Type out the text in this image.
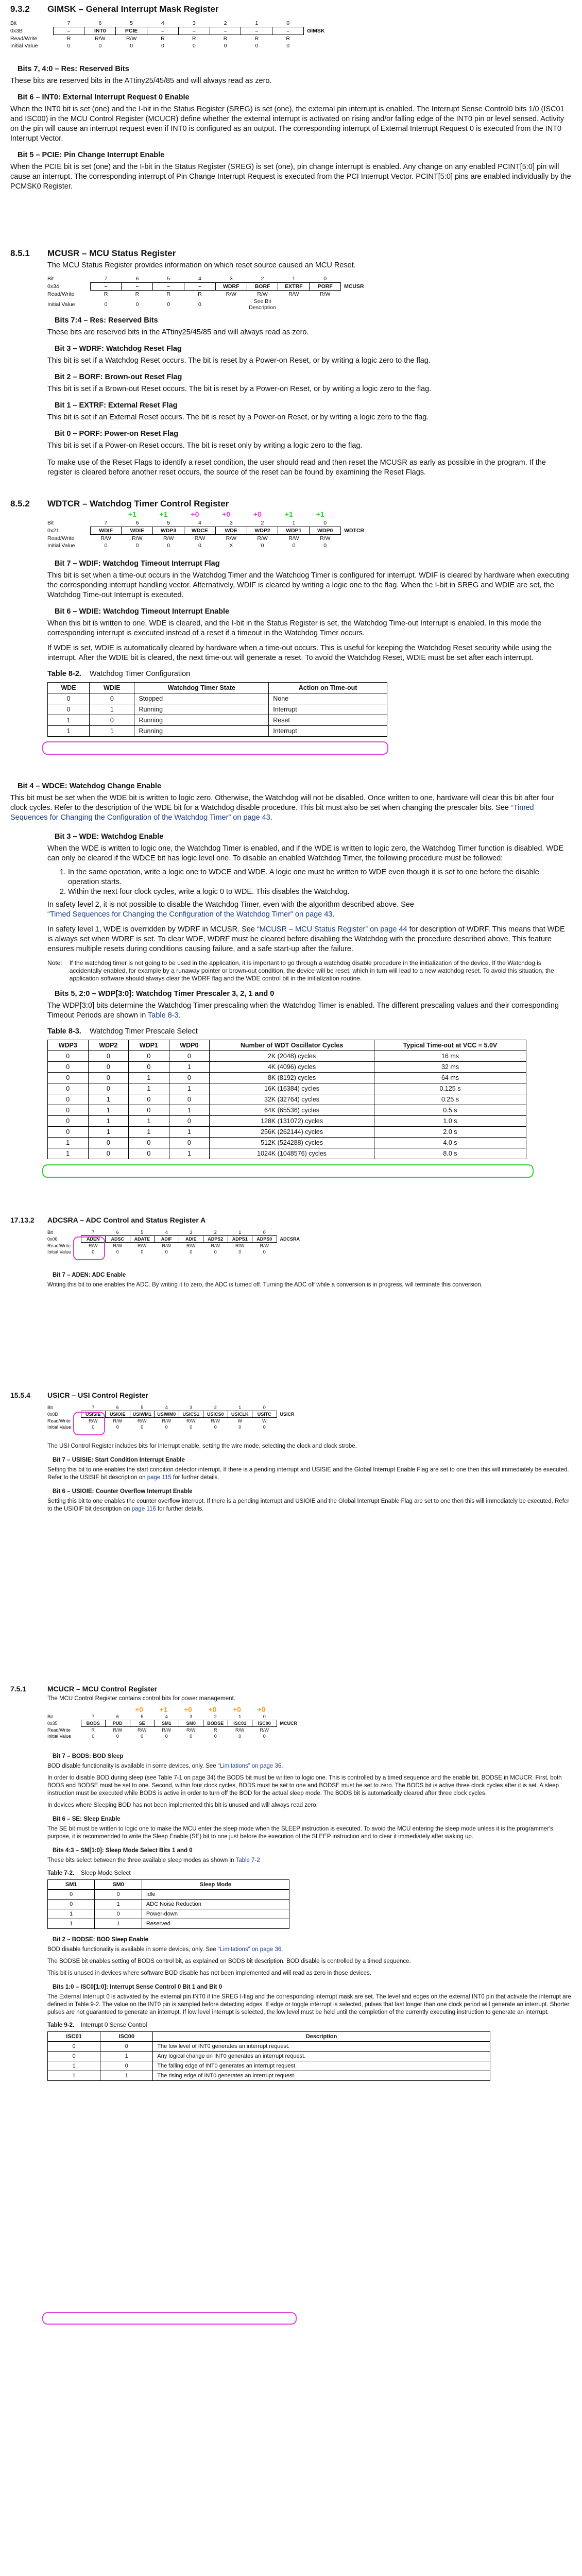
9.3.2 GIMSK – General Interrupt Mask Register
Bit	7	6	5	4	3	2	1	0	
0x3B	–	INT0	PCIE	–	–	–	–	–	GIMSK
Read/Write	R	R/W	R/W	R	R	R	R	R	
Initial Value	0	0	0	0	0	0	0	0	

Bits 7, 4:0 – Res: Reserved Bits

These bits are reserved bits in the ATtiny25/45/85 and will always read as zero.

Bit 6 – INT0: External Interrupt Request 0 Enable

When the INT0 bit is set (one) and the I-bit in the Status Register (SREG) is set (one), the external pin interrupt is enabled. The Interrupt Sense Control0 bits 1/0 (ISC01 and ISC00) in the MCU Control Register (MCUCR) define whether the external interrupt is activated on rising and/or falling edge of the INT0 pin or level sensed. Activity on the pin will cause an interrupt request even if INT0 is configured as an output. The corresponding interrupt of External Interrupt Request 0 is executed from the INT0 Interrupt Vector.

Bit 5 – PCIE: Pin Change Interrupt Enable

When the PCIE bit is set (one) and the I-bit in the Status Register (SREG) is set (one), pin change interrupt is enabled. Any change on any enabled PCINT[5:0] pin will cause an interrupt. The corresponding interrupt of Pin Change Interrupt Request is executed from the PCI Interrupt Vector. PCINT[5:0] pins are enabled individually by the PCMSK0 Register.

8.5.1 MCUSR – MCU Status Register

The MCU Status Register provides information on which reset source caused an MCU Reset.

Bit	7	6	5	4	3	2	1	0	
0x34	–	–	–	–	WDRF	BORF	EXTRF	PORF	MCUSR
Read/Write	R	R	R	R	R/W	R/W	R/W	R/W	
Initial Value	0	0	0	0		See Bit Description			

Bits 7:4 – Res: Reserved Bits

These bits are reserved bits in the ATtiny25/45/85 and will always read as zero.

Bit 3 – WDRF: Watchdog Reset Flag

This bit is set if a Watchdog Reset occurs. The bit is reset by a Power-on Reset, or by writing a logic zero to the flag.

Bit 2 – BORF: Brown-out Reset Flag

This bit is set if a Brown-out Reset occurs. The bit is reset by a Power-on Reset, or by writing a logic zero to the flag.

Bit 1 – EXTRF: External Reset Flag

This bit is set if an External Reset occurs. The bit is reset by a Power-on Reset, or by writing a logic zero to the flag.

Bit 0 – PORF: Power-on Reset Flag

This bit is set if a Power-on Reset occurs. The bit is reset only by writing a logic zero to the flag.

To make use of the Reset Flags to identify a reset condition, the user should read and then reset the MCUSR as early as possible in the program. If the register is cleared before another reset occurs, the source of the reset can be found by examining the Reset Flags.

8.5.2 WDTCR – Watchdog Timer Control Register
+1	+1	+0	+0	+0	+1	+1
Bit	7	6	5	4	3	2	1	0	
0x21	WDIF	WDIE	WDP3	WDCE	WDE	WDP2	WDP1	WDP0	WDTCR
Read/Write	R/W	R/W	R/W	R/W	R/W	R/W	R/W	R/W	
Initial Value	0	0	0	0	X	0	0	0	

Bit 7 – WDIF: Watchdog Timeout Interrupt Flag

This bit is set when a time-out occurs in the Watchdog Timer and the Watchdog Timer is configured for interrupt. WDIF is cleared by hardware when executing the corresponding interrupt handling vector. Alternatively, WDIF is cleared by writing a logic one to the flag. When the I-bit in SREG and WDIE are set, the Watchdog Time-out Interrupt is executed.

Bit 6 – WDIE: Watchdog Timeout Interrupt Enable

When this bit is written to one, WDE is cleared, and the I-bit in the Status Register is set, the Watchdog Time-out Interrupt is enabled. In this mode the corresponding interrupt is executed instead of a reset if a timeout in the Watchdog Timer occurs.

If WDE is set, WDIE is automatically cleared by hardware when a time-out occurs. This is useful for keeping the Watchdog Reset security while using the interrupt. After the WDIE bit is cleared, the next time-out will generate a reset. To avoid the Watchdog Reset, WDIE must be set after each interrupt.

Table 8-2. Watchdog Timer Configuration

WDE	WDIE	Watchdog Timer State	Action on Time-out
0	0	Stopped	None
0	1	Running	Interrupt
1	0	Running	Reset
1	1	Running	Interrupt

Bit 4 – WDCE: Watchdog Change Enable

This bit must be set when the WDE bit is written to logic zero. Otherwise, the Watchdog will not be disabled. Once written to one, hardware will clear this bit after four clock cycles. Refer to the description of the WDE bit for a Watchdog disable procedure. This bit must also be set when changing the prescaler bits. See “Timed Sequences for Changing the Configuration of the Watchdog Timer” on page 43.

Bit 3 – WDE: Watchdog Enable

When the WDE is written to logic one, the Watchdog Timer is enabled, and if the WDE is written to logic zero, the Watchdog Timer function is disabled. WDE can only be cleared if the WDCE bit has logic level one. To disable an enabled Watchdog Timer, the following procedure must be followed:

1. In the same operation, write a logic one to WDCE and WDE. A logic one must be written to WDE even though it is set to one before the disable operation starts.
2. Within the next four clock cycles, write a logic 0 to WDE. This disables the Watchdog.

In safety level 2, it is not possible to disable the Watchdog Timer, even with the algorithm described above. See
“Timed Sequences for Changing the Configuration of the Watchdog Timer” on page 43.

In safety level 1, WDE is overridden by WDRF in MCUSR. See “MCUSR – MCU Status Register” on page 44 for description of WDRF. This means that WDE is always set when WDRF is set. To clear WDE, WDRF must be cleared before disabling the Watchdog with the procedure described above. This feature ensures multiple resets during conditions causing failure, and a safe start-up after the failure.

Note: If the watchdog timer is not going to be used in the application, it is important to go through a watchdog disable procedure in the initialization of the device. If the Watchdog is accidentally enabled, for example by a runaway pointer or brown-out condition, the device will be reset, which in turn will lead to a new watchdog reset. To avoid this situation, the application software should always clear the WDRF flag and the WDE control bit in the initialization routine.

Bits 5, 2:0 – WDP[3:0]: Watchdog Timer Prescaler 3, 2, 1 and 0

The WDP[3:0] bits determine the Watchdog Timer prescaling when the Watchdog Timer is enabled. The different prescaling values and their corresponding Timeout Periods are shown in Table 8-3.

Table 8-3. Watchdog Timer Prescale Select

WDP3	WDP2	WDP1	WDP0	Number of WDT Oscillator Cycles	Typical Time-out at VCC = 5.0V
0	0	0	0	2K (2048) cycles	16 ms
0	0	0	1	4K (4096) cycles	32 ms
0	0	1	0	8K (8192) cycles	64 ms
0	0	1	1	16K (16384) cycles	0.125 s
0	1	0	0	32K (32764) cycles	0.25 s
0	1	0	1	64K (65536) cycles	0.5 s
0	1	1	0	128K (131072) cycles	1.0 s
0	1	1	1	256K (262144) cycles	2.0 s
1	0	0	0	512K (524288) cycles	4.0 s
1	0	0	1	1024K (1048576) cycles	8.0 s
17.13.2 ADCSRA – ADC Control and Status Register A
Bit	7	6	5	4	3	2	1	0	
0x06	ADEN	ADSC	ADATE	ADIF	ADIE	ADPS2	ADPS1	ADPS0	ADCSRA
Read/Write	R/W	R/W	R/W	R/W	R/W	R/W	R/W	R/W	
Initial Value	0	0	0	0	0	0	0	0	

Bit 7 – ADEN: ADC Enable

Writing this bit to one enables the ADC. By writing it to zero, the ADC is turned off. Turning the ADC off while a conversion is in progress, will terminate this conversion.

15.5.4 USICR – USI Control Register
Bit	7	6	5	4	3	2	1	0	
0x0D	USISIE	USIOIE	USIWM1	USIWM0	USICS1	USICS0	USICLK	USITC	USICR
Read/Write	R/W	R/W	R/W	R/W	R/W	R/W	W	W	
Initial Value	0	0	0	0	0	0	0	0	

The USI Control Register includes bits for interrupt enable, setting the wire mode, selecting the clock and clock strobe.

Bit 7 – USISIE: Start Condition Interrupt Enable

Setting this bit to one enables the start condition detector interrupt. If there is a pending interrupt and USISIE and the Global Interrupt Enable Flag are set to one then this will immediately be executed. Refer to the USISIF bit description on page 115 for further details.

Bit 6 – USIOIE: Counter Overflow Interrupt Enable

Setting this bit to one enables the counter overflow interrupt. If there is a pending interrupt and USIOIE and the Global Interrupt Enable Flag are set to one then this will immediately be executed. Refer to the USIOIF bit description on page 116 for further details.

7.5.1	MCUCR – MCU Control Register

The MCU Control Register contains control bits for power management.

+0 +1 +0 +0 +0 +0
Bit	7	6	5	4	3	2	1	0	
0x35	BODS	PUD	SE	SM1	SM0	BODSE	ISC01	ISC00	MCUCR
Read/Write	R	R/W	R/W	R/W	R/W	R	R/W	R/W	
Initial Value	0	0	0	0	0	0	0	0	

Bit 7 – BODS: BOD Sleep

BOD disable functionality is available in some devices, only. See “Limitations” on page 36.

In order to disable BOD during sleep (see Table 7-1 on page 34) the BODS bit must be written to logic one. This is controlled by a timed sequence and the enable bit, BODSE in MCUCR. First, both BODS and BODSE must be set to one. Second, within four clock cycles, BODS must be set to one and BODSE must be set to zero. The BODS bit is active three clock cycles after it is set. A sleep instruction must be executed while BODS is active in order to turn off the BOD for the actual sleep mode. The BODS bit is automatically cleared after three clock cycles.

In devices where Sleeping BOD has not been implemented this bit is unused and will always read zero.

Bit 6 – SE: Sleep Enable

The SE bit must be written to logic one to make the MCU enter the sleep mode when the SLEEP instruction is executed. To avoid the MCU entering the sleep mode unless it is the programmer's purpose, it is recommended to write the Sleep Enable (SE) bit to one just before the execution of the SLEEP instruction and to clear it immediately after waking up.

Bits 4:3 – SM[1:0]: Sleep Mode Select Bits 1 and 0

These bits select between the three available sleep modes as shown in Table 7-2

Table 7-2. Sleep Mode Select

SM1	SM0	Sleep Mode
0	0	Idle
0	1	ADC Noise Reduction
1	0	Power-down
1	1	Reserved

Bit 2 – BODSE: BOD Sleep Enable

BOD disable functionality is available in some devices, only. See “Limitations” on page 36.

The BODSE bit enables setting of BODS control bit, as explained on BODS bit description. BOD disable is controlled by a timed sequence.

This bit is unused in devices where software BOD disable has not been implemented and will read as zero in those devices.

Bits 1:0 – ISC0[1:0]: Interrupt Sense Control 0 Bit 1 and Bit 0

The External Interrupt 0 is activated by the external pin INT0 if the SREG I-flag and the corresponding interrupt mask are set. The level and edges on the external INT0 pin that activate the interrupt are defined in Table 9-2. The value on the INT0 pin is sampled before detecting edges. If edge or toggle interrupt is selected, pulses that last longer than one clock period will generate an interrupt. Shorter pulses are not guaranteed to generate an interrupt. If low level interrupt is selected, the low level must be held until the completion of the currently executing instruction to generate an interrupt.

Table 9-2. Interrupt 0 Sense Control

ISC01	ISC00	Description
0	0	The low level of INT0 generates an interrupt request.
0	1	Any logical change on INT0 generates an interrupt request.
1	0	The falling edge of INT0 generates an interrupt request.
1	1	The rising edge of INT0 generates an interrupt request.
